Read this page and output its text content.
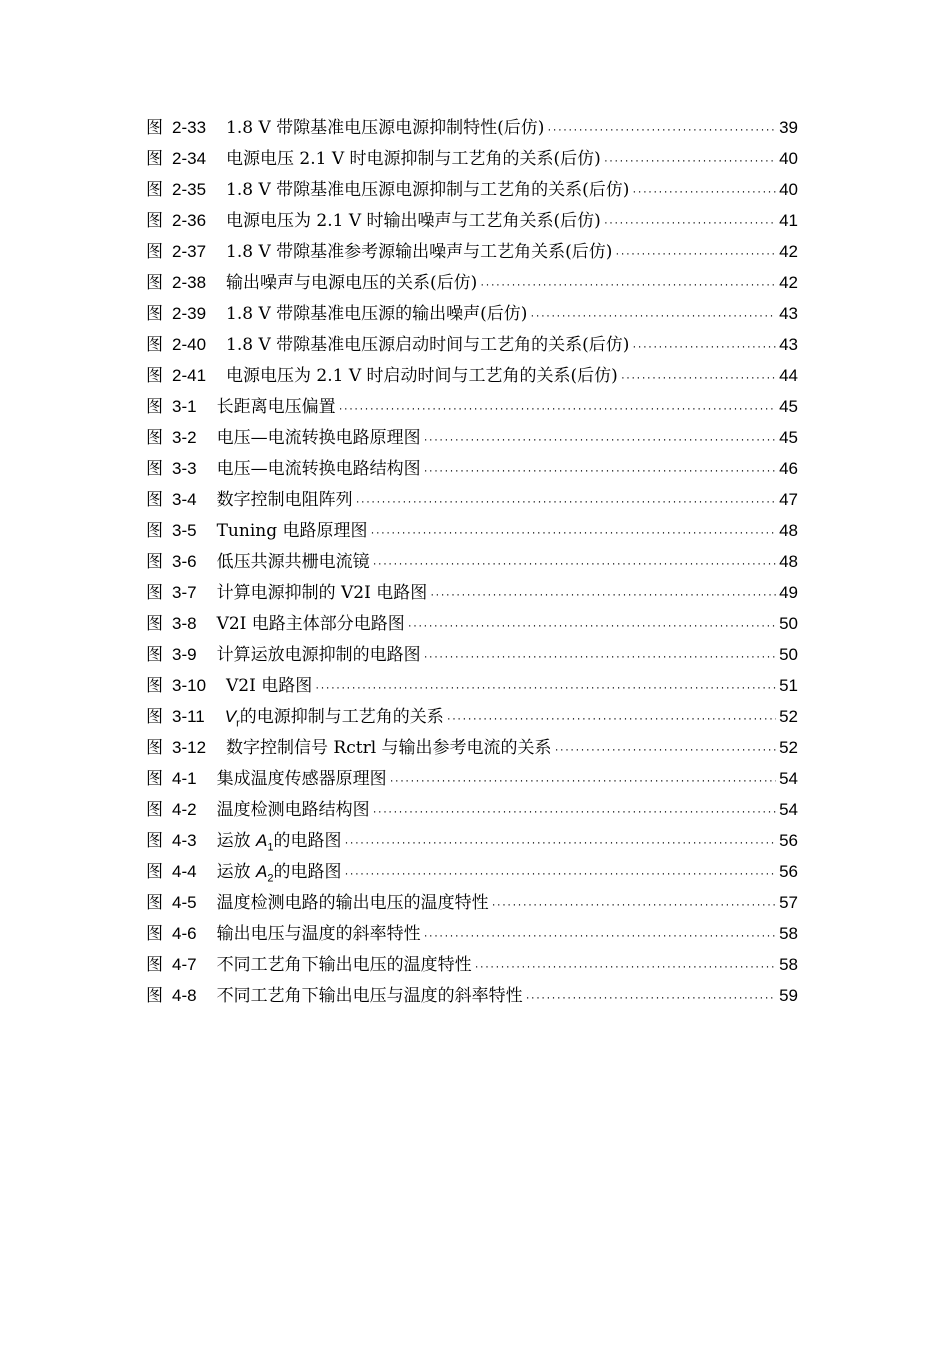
图 2-33 1.8 V 带隙基准电压源电源抑制特性(后仿) ·····	39
图 2-34 电源电压 2.1 V 时电源抑制与工艺角的关系(后仿) ·····	40
图 2-35 1.8 V 带隙基准电压源电源抑制与工艺角的关系(后仿) ·····	40
图 2-36 电源电压为 2.1 V 时输出噪声与工艺角关系(后仿) ·····	41
图 2-37 1.8 V 带隙基准参考源输出噪声与工艺角关系(后仿) ·····	42
图 2-38 输出噪声与电源电压的关系(后仿) ·····	42
图 2-39 1.8 V 带隙基准电压源的输出噪声(后仿) ·····	43
图 2-40 1.8 V 带隙基准电压源启动时间与工艺角的关系(后仿) ·····	43
图 2-41 电源电压为 2.1 V 时启动时间与工艺角的关系(后仿) ·····	44
图 3-1 长距离电压偏置 ·····	45
图 3-2 电压—电流转换电路原理图 ·····	45
图 3-3 电压—电流转换电路结构图 ·····	46
图 3-4 数字控制电阻阵列 ·····	47
图 3-5 Tuning 电路原理图 ·····	48
图 3-6 低压共源共栅电流镜 ·····	48
图 3-7 计算电源抑制的 V2I 电路图 ·····	49
图 3-8 V2I 电路主体部分电路图 ·····	50
图 3-9 计算运放电源抑制的电路图 ·····	50
图 3-10 V2I 电路图 ·····	51
图 3-11 $V_r$的电源抑制与工艺角的关系 ·····	52
图 3-12 数字控制信号 Rctrl 与输出参考电流的关系 ·····	52
图 4-1 集成温度传感器原理图 ·····	54
图 4-2 温度检测电路结构图 ·····	54
图 4-3 运放 $A_1$的电路图 ·····	56
图 4-4 运放 $A_2$的电路图 ·····	56
图 4-5 温度检测电路的输出电压的温度特性 ·····	57
图 4-6 输出电压与温度的斜率特性 ·····	58
图 4-7 不同工艺角下输出电压的温度特性 ·····	58
图 4-8 不同工艺角下输出电压与温度的斜率特性 ·····	59
